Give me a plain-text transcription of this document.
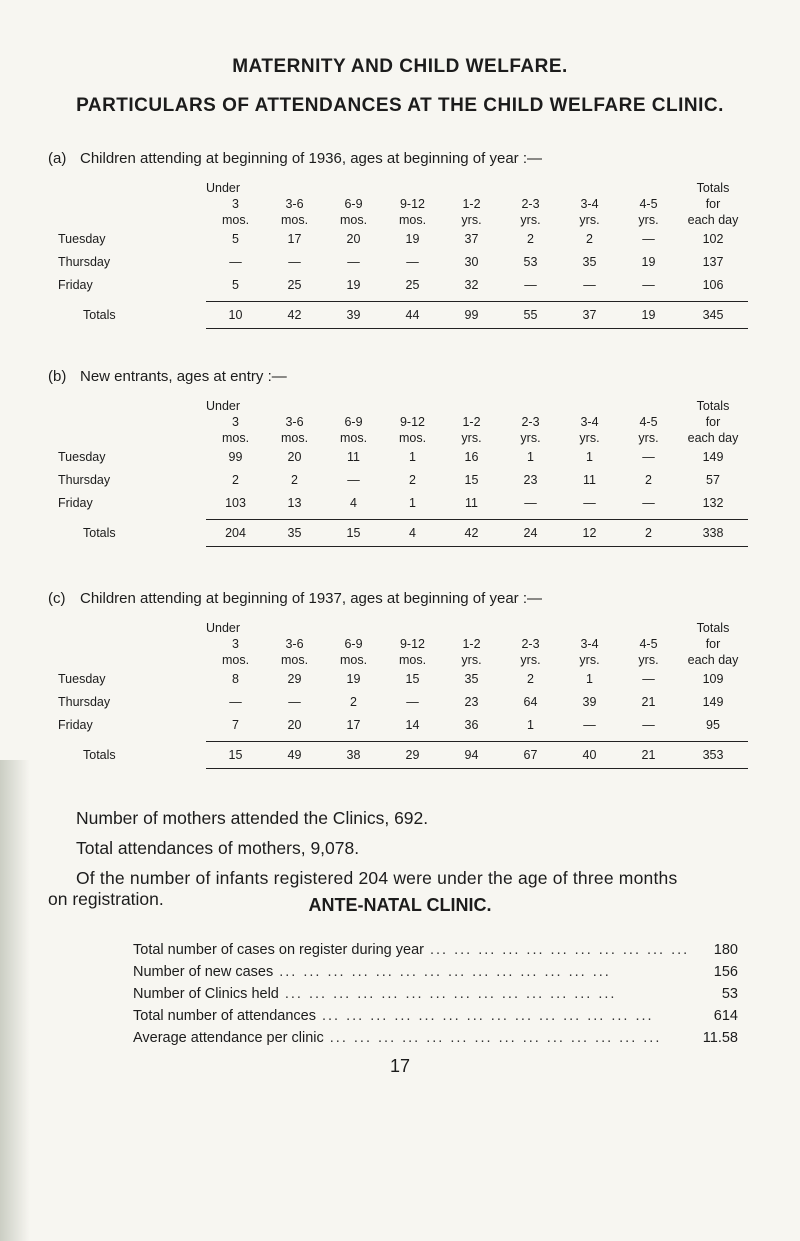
MATERNITY AND CHILD WELFARE.
PARTICULARS OF ATTENDANCES AT THE CHILD WELFARE CLINIC.
(a) Children attending at beginning of 1936, ages at beginning of year :—
	Under								Totals
	3	3-6	6-9	9-12	1-2	2-3	3-4	4-5	for
	mos.	mos.	mos.	mos.	yrs.	yrs.	yrs.	yrs.	each day
Tuesday	5	17	20	19	37	2	2	—	102
Thursday	—	—	—	—	30	53	35	19	137
Friday	5	25	19	25	32	—	—	—	106

Totals	10	42	39	44	99	55	37	19	345
(b) New entrants, ages at entry :—
	Under								Totals
	3	3-6	6-9	9-12	1-2	2-3	3-4	4-5	for
	mos.	mos.	mos.	mos.	yrs.	yrs.	yrs.	yrs.	each day
Tuesday	99	20	11	1	16	1	1	—	149
Thursday	2	2	—	2	15	23	11	2	57
Friday	103	13	4	1	11	—	—	—	132

Totals	204	35	15	4	42	24	12	2	338
(c) Children attending at beginning of 1937, ages at beginning of year :—
	Under								Totals
	3	3-6	6-9	9-12	1-2	2-3	3-4	4-5	for
	mos.	mos.	mos.	mos.	yrs.	yrs.	yrs.	yrs.	each day
Tuesday	8	29	19	15	35	2	1	—	109
Thursday	—	—	2	—	23	64	39	21	149
Friday	7	20	17	14	36	1	—	—	95

Totals	15	49	38	29	94	67	40	21	353
Number of mothers attended the Clinics, 692.
Total attendances of mothers, 9,078.
Of the number of infants registered 204 were under the age of three months
on registration.	ANTE-NATAL CLINIC.
Total number of cases on register during year ... .	180
Number of new cases ... .	156
Number of Clinics held ... .	53
Total number of attendances ... .	614
Average attendance per clinic ... .	11.58
17
